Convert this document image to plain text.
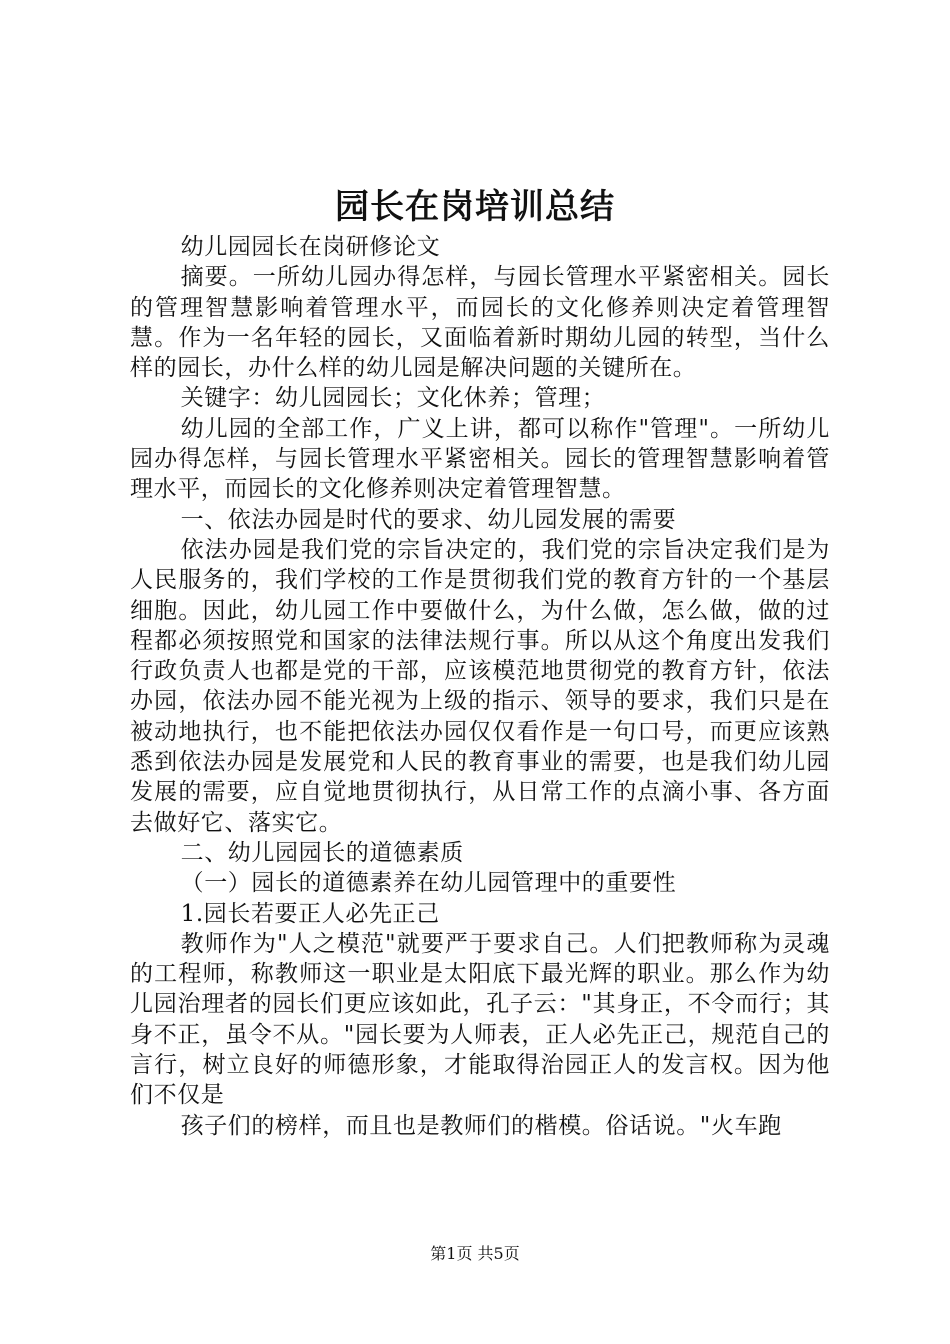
园长在岗培训总结

幼儿园园长在岗研修论文

摘要。一所幼儿园办得怎样，与园长管理水平紧密相关。园长的管理智慧影响着管理水平，而园长的文化修养则决定着管理智慧。作为一名年轻的园长，又面临着新时期幼儿园的转型，当什么样的园长，办什么样的幼儿园是解决问题的关键所在。

关键字：幼儿园园长；文化休养；管理；

幼儿园的全部工作，广义上讲，都可以称作"管理"。一所幼儿园办得怎样，与园长管理水平紧密相关。园长的管理智慧影响着管理水平，而园长的文化修养则决定着管理智慧。

一、依法办园是时代的要求、幼儿园发展的需要

依法办园是我们党的宗旨决定的，我们党的宗旨决定我们是为人民服务的，我们学校的工作是贯彻我们党的教育方针的一个基层细胞。因此，幼儿园工作中要做什么，为什么做，怎么做，做的过程都必须按照党和国家的法律法规行事。所以从这个角度出发我们行政负责人也都是党的干部，应该模范地贯彻党的教育方针，依法办园，依法办园不能光视为上级的指示、领导的要求，我们只是在被动地执行，也不能把依法办园仅仅看作是一句口号，而更应该熟悉到依法办园是发展党和人民的教育事业的需要，也是我们幼儿园发展的需要，应自觉地贯彻执行，从日常工作的点滴小事、各方面去做好它、落实它。

二、幼儿园园长的道德素质

（一）园长的道德素养在幼儿园管理中的重要性

1.园长若要正人必先正己

教师作为"人之模范"就要严于要求自己。人们把教师称为灵魂的工程师，称教师这一职业是太阳底下最光辉的职业。那么作为幼儿园治理者的园长们更应该如此，孔子云："其身正，不令而行；其身不正，虽令不从。"园长要为人师表，正人必先正己，规范自己的言行，树立良好的师德形象，才能取得治园正人的发言权。因为他们不仅是

孩子们的榜样，而且也是教师们的楷模。俗话说。"火车跑

第1页 共5页
